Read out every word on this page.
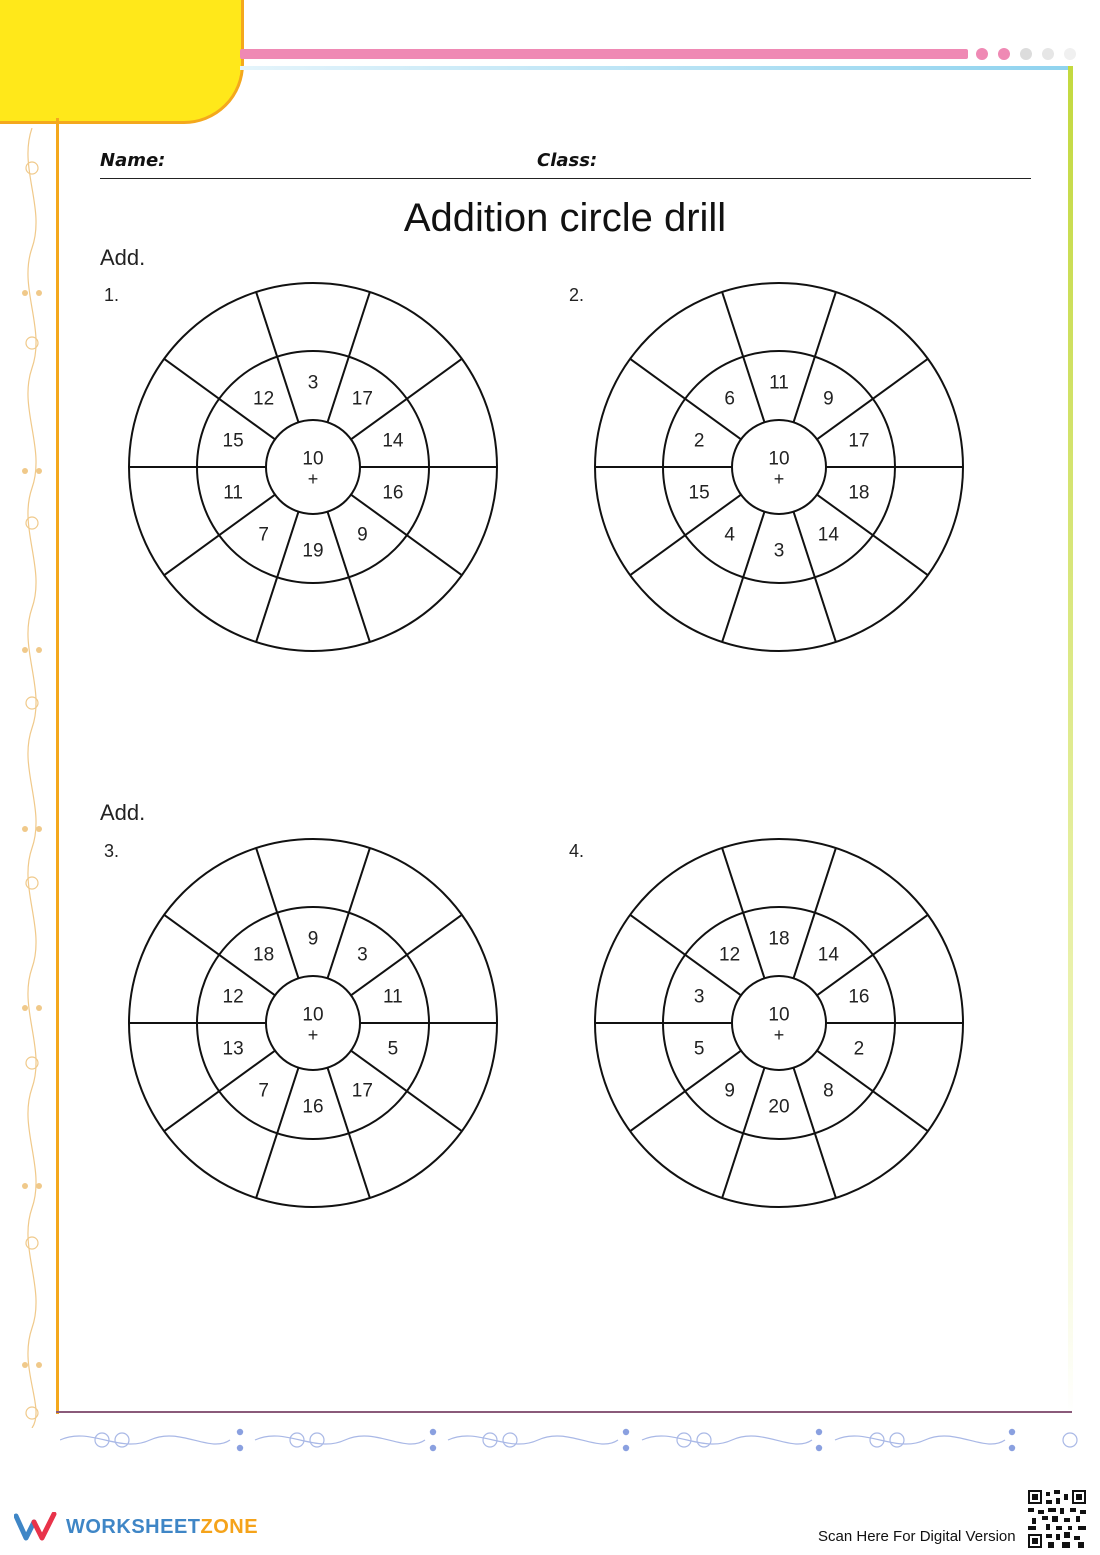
Name:	Class:
Addition circle drill
Add.
Add.
1.	2.
3.	4.
14
16
9
19
7
11
15
12
3
17
10
+
17
18
14
3
4
15
2
6
11
9
10
+
11
5
17
16
7
13
12
18
9
3
10
+
16
2
8
20
9
5
3
12
18
14
10
+
WORKSHEETZONE	Scan Here For Digital Version
